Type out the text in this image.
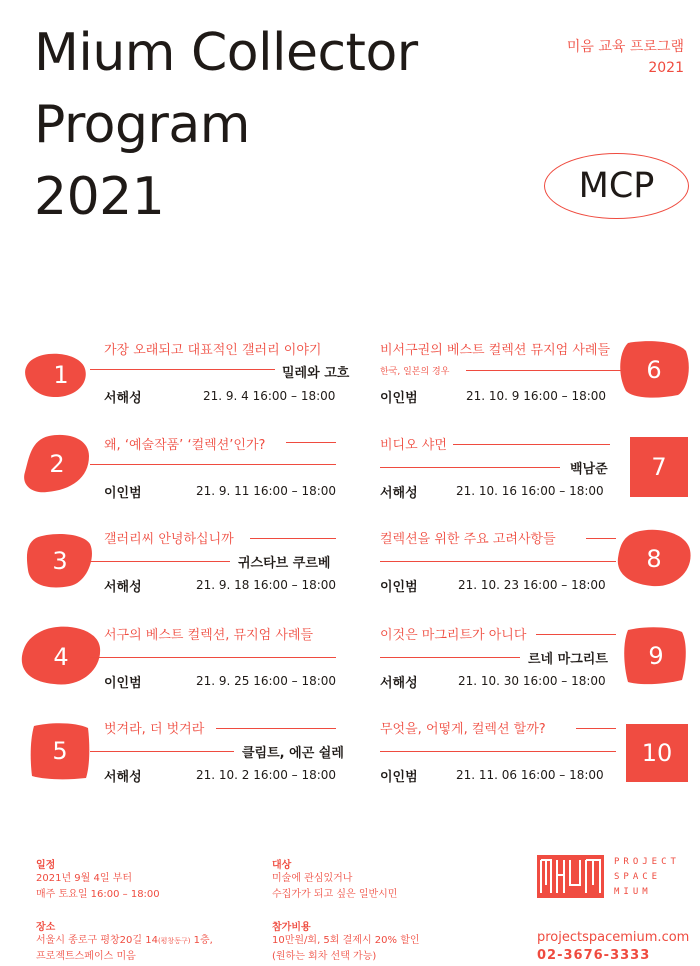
Mium Collector
Program
2021
미음 교육 프로그램
2021
MCP
1
가장 오래되고 대표적인 갤러리 이야기
밀레와 고흐
서해성	21. 9. 4 16:00 – 18:00
2
왜, ‘예술작품’ ‘컬렉션’인가?
이인범	21. 9. 11 16:00 – 18:00
3
갤러리씨 안녕하십니까
귀스타브 쿠르베
서해성	21. 9. 18 16:00 – 18:00
4
서구의 베스트 컬렉션, 뮤지엄 사례들
이인범	21. 9. 25 16:00 – 18:00
5
벗겨라, 더 벗겨라
클림트, 에곤 쉴레
서해성	21. 10. 2 16:00 – 18:00
비서구권의 베스트 컬렉션 뮤지엄 사례들
한국, 일본의 경우
이인범	21. 10. 9 16:00 – 18:00
6
비디오 샤먼
백남준
서해성	21. 10. 16 16:00 – 18:00
7
컬렉션을 위한 주요 고려사항들
이인범	21. 10. 23 16:00 – 18:00
8
이것은 마그리트가 아니다
르네 마그리트
서해성	21. 10. 30 16:00 – 18:00
9
무엇을, 어떻게, 컬렉션 할까?
이인범	21. 11. 06 16:00 – 18:00
10
일정
2021년 9월 4일 부터
매주 토요일 16:00 – 18:00
장소
서울시 종로구 평창20길 14(평창동구) 1층,
프로젝트스페이스 미음
대상
미술에 관심있거나
수집가가 되고 싶은 일반시민
참가비용
10만원/회, 5회 결제시 20% 할인
(원하는 회차 선택 가능)
PROJECT
SPACE
MIUM
projectspacemium.com
02-3676-3333
